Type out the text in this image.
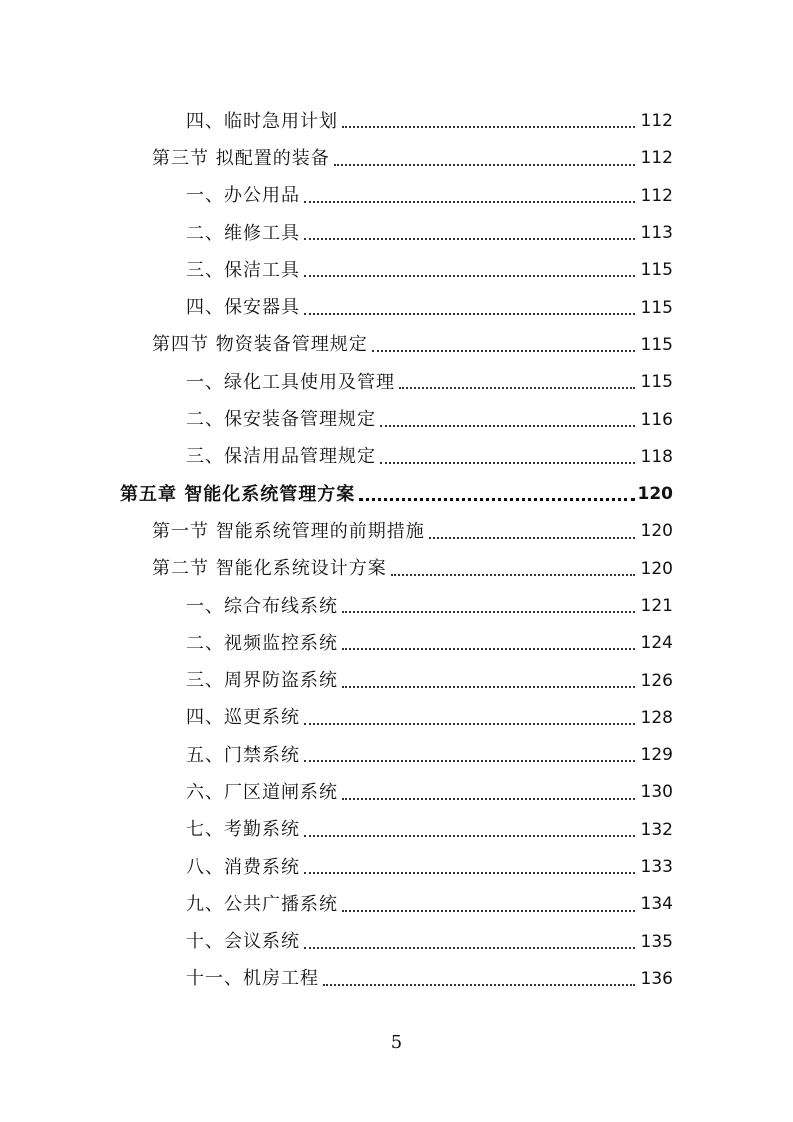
四、临时急用计划	112
第三节 拟配置的装备	112
一、办公用品	112
二、维修工具	113
三、保洁工具	115
四、保安器具	115
第四节 物资装备管理规定	115
一、绿化工具使用及管理	115
二、保安装备管理规定	116
三、保洁用品管理规定	118
第五章 智能化系统管理方案	120
第一节 智能系统管理的前期措施	120
第二节 智能化系统设计方案	120
一、综合布线系统	121
二、视频监控系统	124
三、周界防盗系统	126
四、巡更系统	128
五、门禁系统	129
六、厂区道闸系统	130
七、考勤系统	132
八、消费系统	133
九、公共广播系统	134
十、会议系统	135
十一、机房工程	136
5
